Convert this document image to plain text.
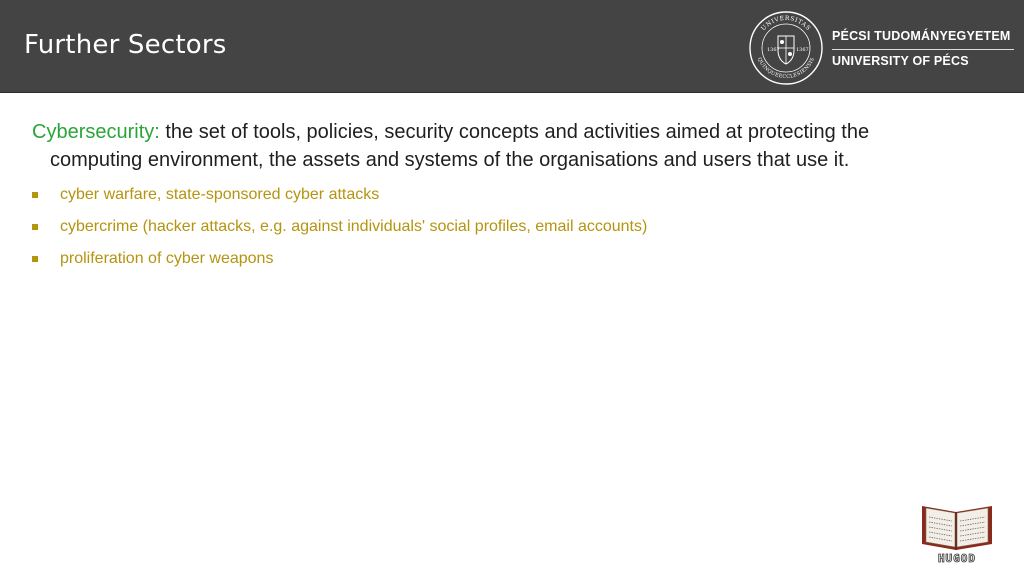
Further Sectors
UNIVERSITAS
QUINQUEECCLESIENSIS
1367	1367
PÉCSI TUDOMÁNYEGYETEM
UNIVERSITY OF PÉCS
Cybersecurity: the set of tools, policies, security concepts and activities aimed at protecting the computing environment, the assets and systems of the organisations and users that use it.
cyber warfare, state-sponsored cyber attacks
cybercrime (hacker attacks, e.g. against individuals' social profiles, email accounts)
proliferation of cyber weapons
HUGOD
